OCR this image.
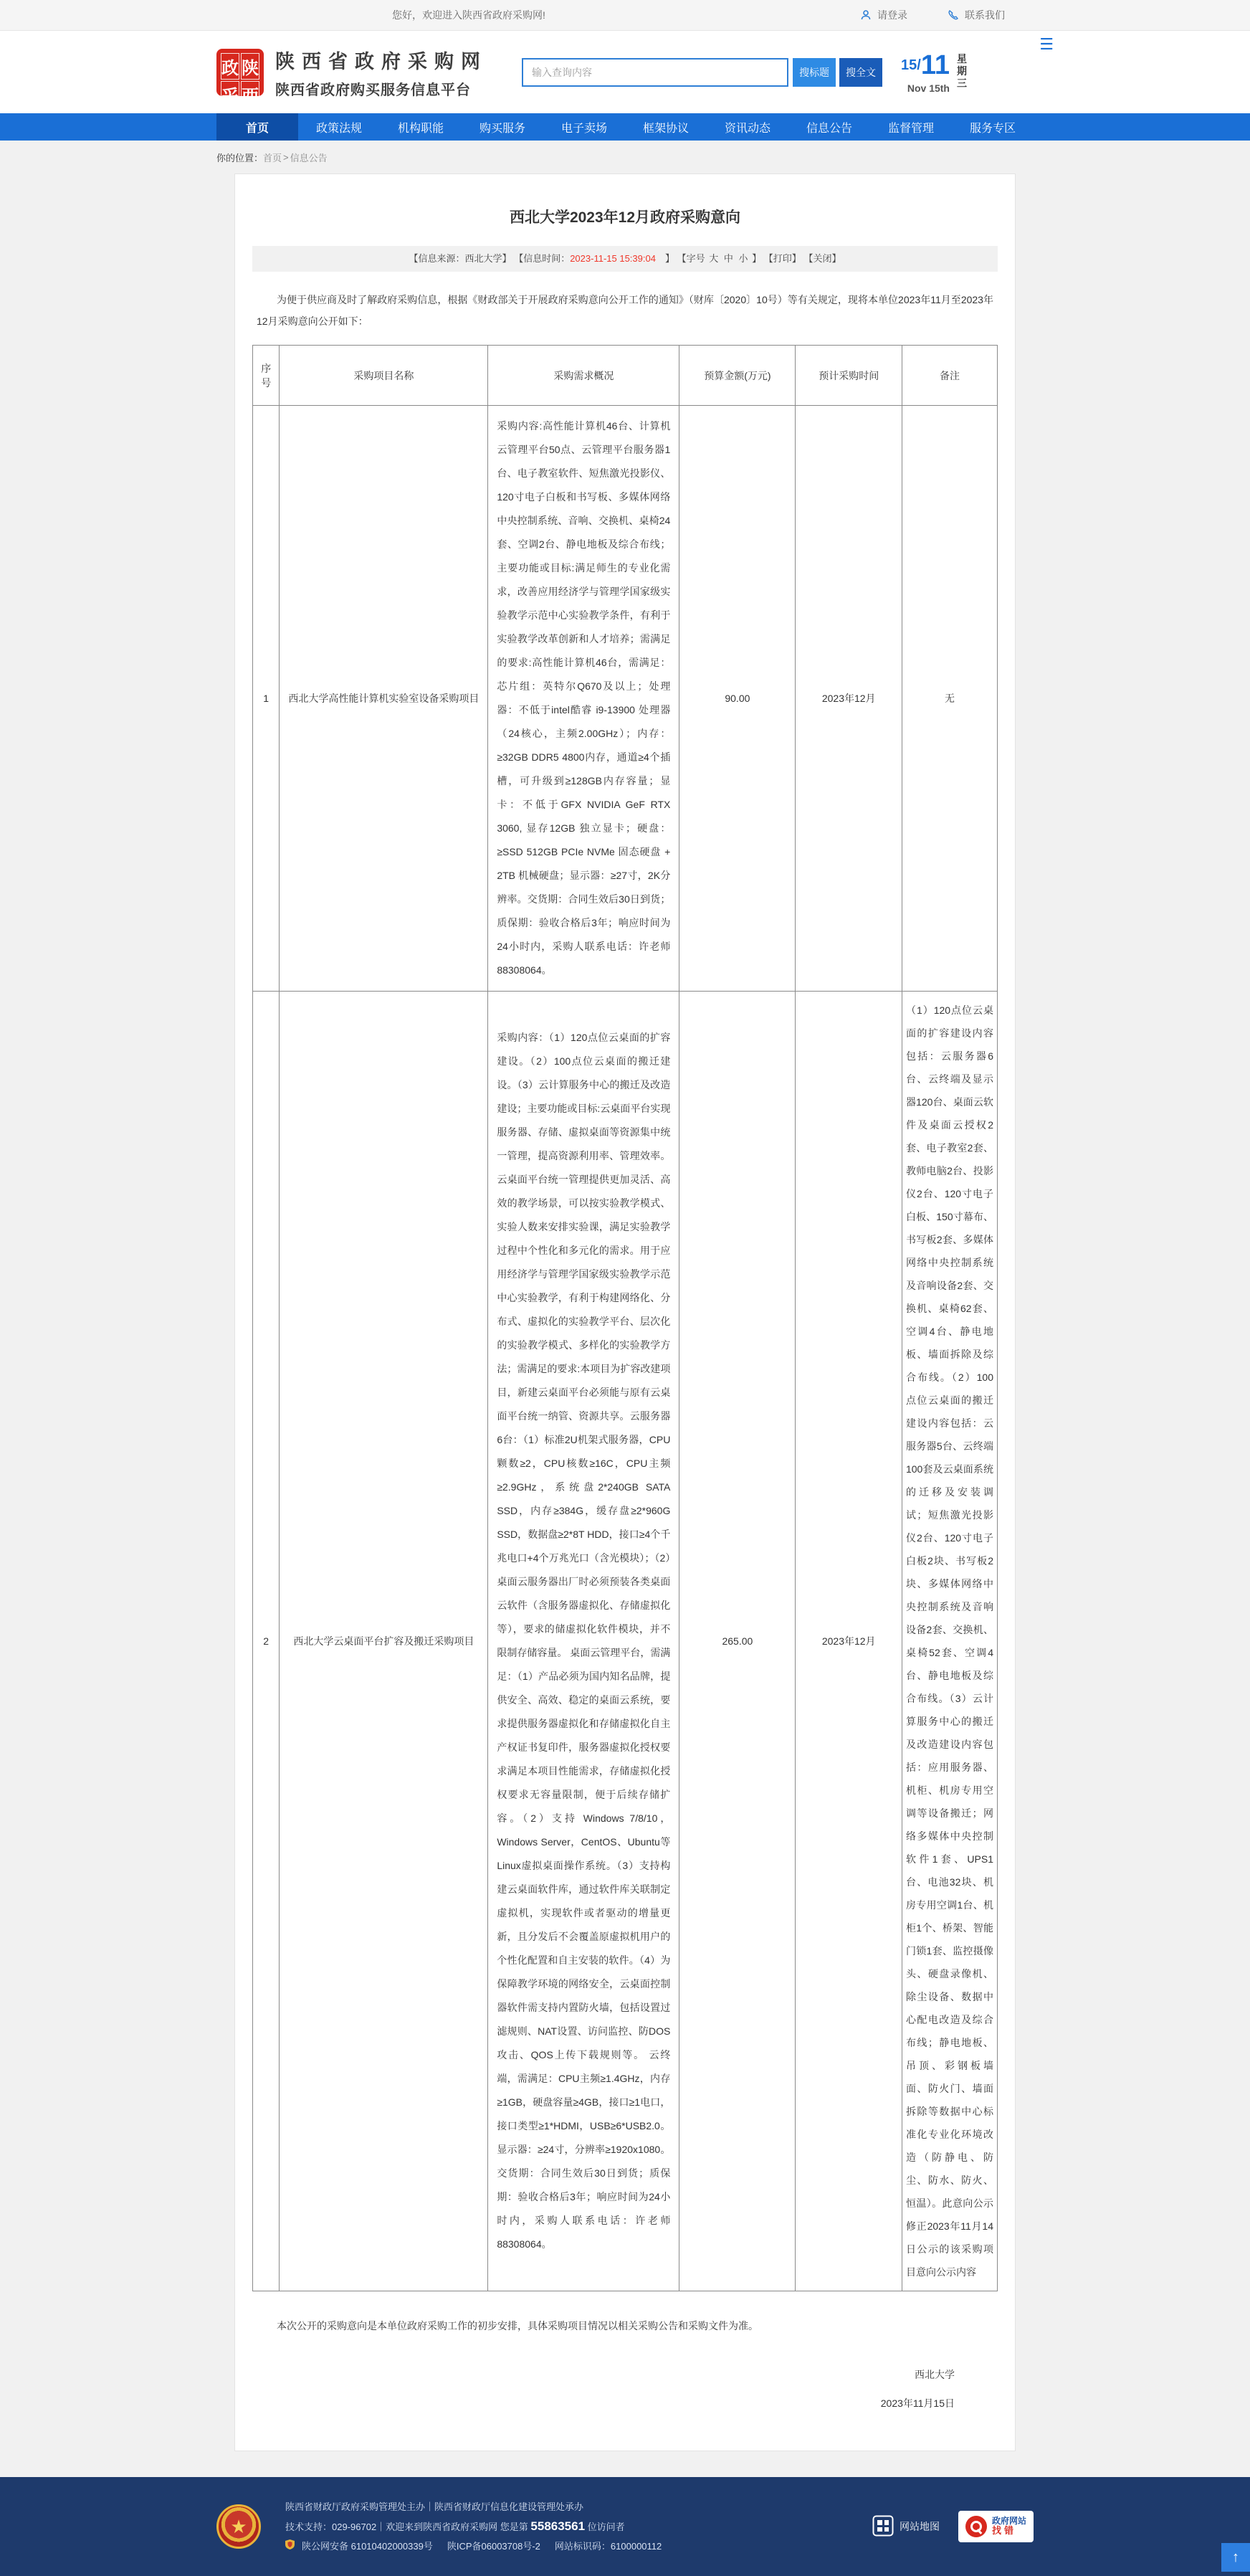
您好，欢迎进入陕西省政府采购网!	请登录	联系我们
政 陕
采 西
陕西省政府采购网
陕西省政府购买服务信息平台
输入查询内容
搜标题	搜全文	15/11
Nov 15th
星期三
☰
首页	政策法规	机构职能	购买服务	电子卖场	框架协议	资讯动态	信息公告	监督管理	服务专区
你的位置： 首页 > 信息公告
西北大学2023年12月政府采购意向
【信息来源：西北大学】 【信息时间：2023-11-15 15:39:04　】 【字号 大 中 小 】 【打印】 【关闭】

为便于供应商及时了解政府采购信息，根据《财政部关于开展政府采购意向公开工作的通知》（财库〔2020〕10号）等有关规定，现将本单位2023年11月至2023年12月采购意向公开如下：

序号	采购项目名称	采购需求概况	预算金额(万元)	预计采购时间	备注
1	西北大学高性能计算机实验室设备采购项目	采购内容:高性能计算机46台、计算机云管理平台50点、云管理平台服务器1台、电子教室软件、短焦激光投影仪、120寸电子白板和书写板、多媒体网络中央控制系统、音响、交换机、桌椅24套、空调2台、静电地板及综合布线；主要功能或目标:满足师生的专业化需求，改善应用经济学与管理学国家级实验教学示范中心实验教学条件，有利于实验教学改革创新和人才培养；需满足的要求:高性能计算机46台，需满足：芯片组：英特尔Q670及以上；处理器：不低于intel酷睿 i9-13900 处理器（24核心，主频2.00GHz）；内存：≥32GB DDR5 4800内存，通道≥4个插槽，可升级到≥128GB内存容量；显卡：不低于GFX NVIDIA GeF RTX 3060, 显存12GB 独立显卡；硬盘：≥SSD 512GB PCIe NVMe 固态硬盘 + 2TB 机械硬盘；显示器：≥27寸，2K分辨率。交货期：合同生效后30日到货；质保期：验收合格后3年；响应时间为24小时内，采购人联系电话：许老师88308064。	90.00	2023年12月	无
2	西北大学云桌面平台扩容及搬迁采购项目	采购内容：（1）120点位云桌面的扩容建设。（2）100点位云桌面的搬迁建设。（3）云计算服务中心的搬迁及改造建设；主要功能或目标:云桌面平台实现服务器、存储、虚拟桌面等资源集中统一管理，提高资源利用率、管理效率。云桌面平台统一管理提供更加灵活、高效的教学场景，可以按实验教学模式、实验人数来安排实验课，满足实验教学过程中个性化和多元化的需求。用于应用经济学与管理学国家级实验教学示范中心实验教学，有利于构建网络化、分布式、虚拟化的实验教学平台、层次化的实验教学模式、多样化的实验教学方法；需满足的要求:本项目为扩容改建项目，新建云桌面平台必须能与原有云桌面平台统一纳管、资源共享。云服务器6台：（1）标准2U机架式服务器，CPU颗数≥2，CPU核数≥16C，CPU主频≥2.9GHz，系统盘2*240GB SATA SSD，内存≥384G，缓存盘≥2*960G SSD，数据盘≥2*8T HDD，接口≥4个千兆电口+4个万兆光口（含光模块）；（2）桌面云服务器出厂时必须预装各类桌面云软件（含服务器虚拟化、存储虚拟化等），要求的储虚拟化软件模块，并不限制存储容量。 桌面云管理平台，需满足：（1）产品必须为国内知名品牌，提供安全、高效、稳定的桌面云系统，要求提供服务器虚拟化和存储虚拟化自主产权证书复印件，服务器虚拟化授权要求满足本项目性能需求，存储虚拟化授权要求无容量限制，便于后续存储扩容。（2）支持 Windows 7/8/10，Windows Server，CentOS、Ubuntu等Linux虚拟桌面操作系统。（3）支持构建云桌面软件库，通过软件库关联制定虚拟机，实现软件或者驱动的增量更新，且分发后不会覆盖原虚拟机用户的个性化配置和自主安装的软件。（4）为保障教学环境的网络安全，云桌面控制器软件需支持内置防火墙，包括设置过滤规则、NAT设置、访问监控、防DOS攻击、QOS上传下载规则等。 云终端，需满足：CPU主频≥1.4GHz，内存≥1GB，硬盘容量≥4GB，接口≥1电口，接口类型≥1*HDMI，USB≥6*USB2.0。显示器：≥24寸，分辨率≥1920x1080。 交货期：合同生效后30日到货；质保期：验收合格后3年；响应时间为24小时内，采购人联系电话：许老师88308064。	265.00	2023年12月	（1）120点位云桌面的扩容建设内容包括：云服务器6台、云终端及显示器120台、桌面云软件及桌面云授权2套、电子教室2套、教师电脑2台、投影仪2台、120寸电子白板、150寸幕布、书写板2套、多媒体网络中央控制系统及音响设备2套、交换机、桌椅62套、空调4台、静电地板、墙面拆除及综合布线。（2）100点位云桌面的搬迁建设内容包括：云服务器5台、云终端100套及云桌面系统的迁移及安装调试；短焦激光投影仪2台、120寸电子白板2块、书写板2块、多媒体网络中央控制系统及音响设备2套、交换机、桌椅52套、空调4台、静电地板及综合布线。（3）云计算服务中心的搬迁及改造建设内容包括：应用服务器、机柜、机房专用空调等设备搬迁；网络多媒体中央控制软件1套、UPS1台、电池32块、机房专用空调1台、机柜1个、桥架、智能门锁1套、监控摄像头、硬盘录像机、除尘设备、数据中心配电改造及综合布线；静电地板、吊顶、彩钢板墙面、防火门、墙面拆除等数据中心标准化专业化环境改造（防静电、防尘、防水、防火、恒温）。此意向公示修正2023年11月14日公示的该采购项目意向公示内容

本次公开的采购意向是本单位政府采购工作的初步安排，具体采购项目情况以相关采购公告和采购文件为准。

西北大学
2023年11月15日
★
陕西省财政厅政府采购管理处主办｜陕西省财政厅信息化建设管理处承办
技术支持：029-96702｜欢迎来到陕西省政府采购网 您是第 55863561 位访问者
陕公网安备 61010402000339号 陕ICP备06003708号-2 网站标识码：6100000112
网站地图
政府网站
找错
↑
